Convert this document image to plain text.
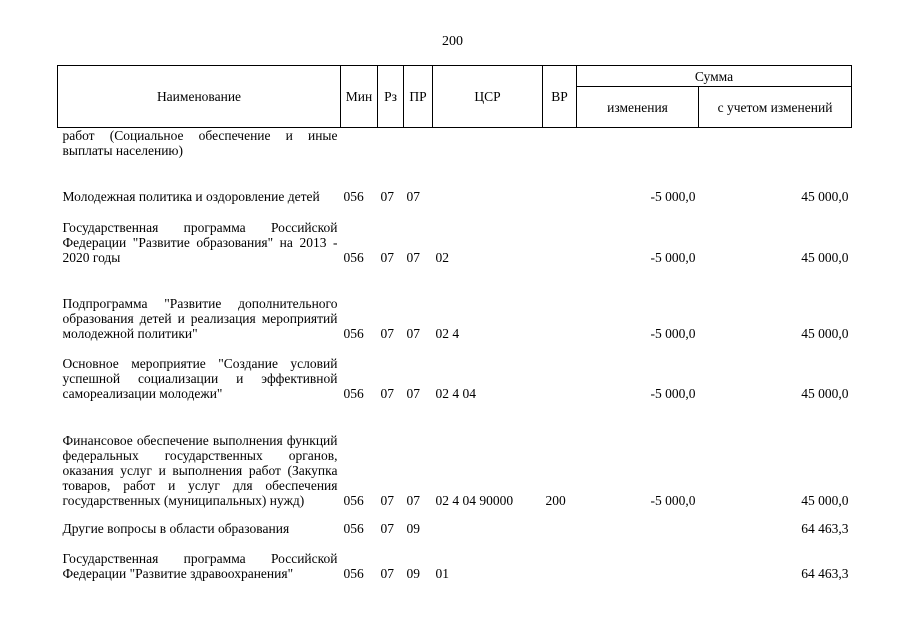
200
Наименование	Мин	Рз	ПР	ЦСР	ВР	Сумма	
						изменения	с учетом изменений
работ (Социальное обеспечение и иные выплаты населению)							
Молодежная политика и оздоровление детей	056	07	07			-5 000,0	45 000,0
Государственная программа Российской Федерации "Развитие образования" на 2013 - 2020 годы	056	07	07	02		-5 000,0	45 000,0
Подпрограмма "Развитие дополнительного образования детей и реализация мероприятий молодежной политики"	056	07	07	02 4		-5 000,0	45 000,0
Основное мероприятие "Создание условий успешной социализации и эффективной самореализации молодежи"	056	07	07	02 4 04		-5 000,0	45 000,0
Финансовое обеспечение выполнения функций федеральных государственных органов, оказания услуг и выполнения работ (Закупка товаров, работ и услуг для обеспечения государственных (муниципальных) нужд)	056	07	07	02 4 04 90000	200	-5 000,0	45 000,0
Другие вопросы в области образования	056	07	09				64 463,3
Государственная программа Российской Федерации "Развитие здравоохранения"	056	07	09	01			64 463,3
